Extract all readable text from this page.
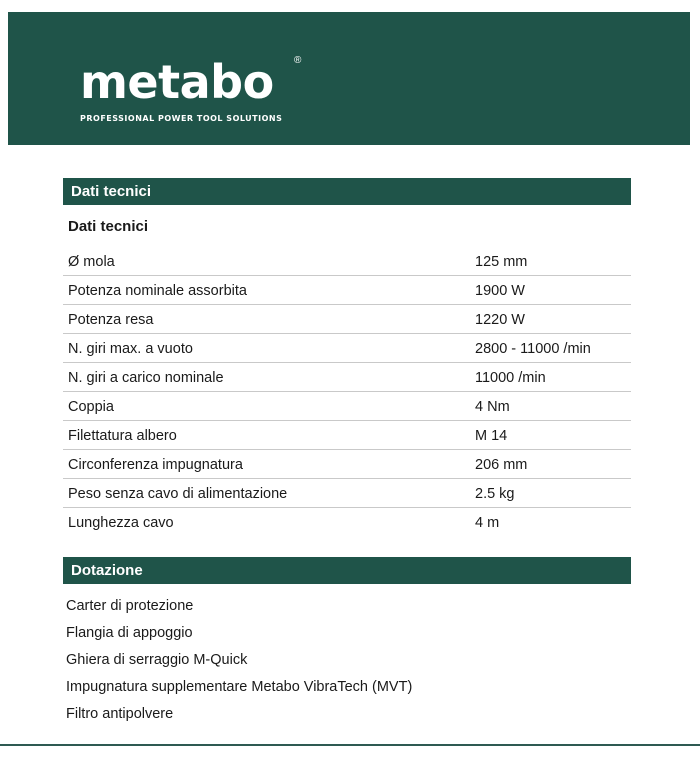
metabo ®
PROFESSIONAL POWER TOOL SOLUTIONS
Dati tecnici
Dati tecnici
Ø mola	125 mm
Potenza nominale assorbita	1900 W
Potenza resa	1220 W
N. giri max. a vuoto	2800 - 11000 /min
N. giri a carico nominale	11000 /min
Coppia	4 Nm
Filettatura albero	M 14
Circonferenza impugnatura	206 mm
Peso senza cavo di alimentazione	2.5 kg
Lunghezza cavo	4 m
Dotazione
Carter di protezione
Flangia di appoggio
Ghiera di serraggio M-Quick
Impugnatura supplementare Metabo VibraTech (MVT)
Filtro antipolvere
